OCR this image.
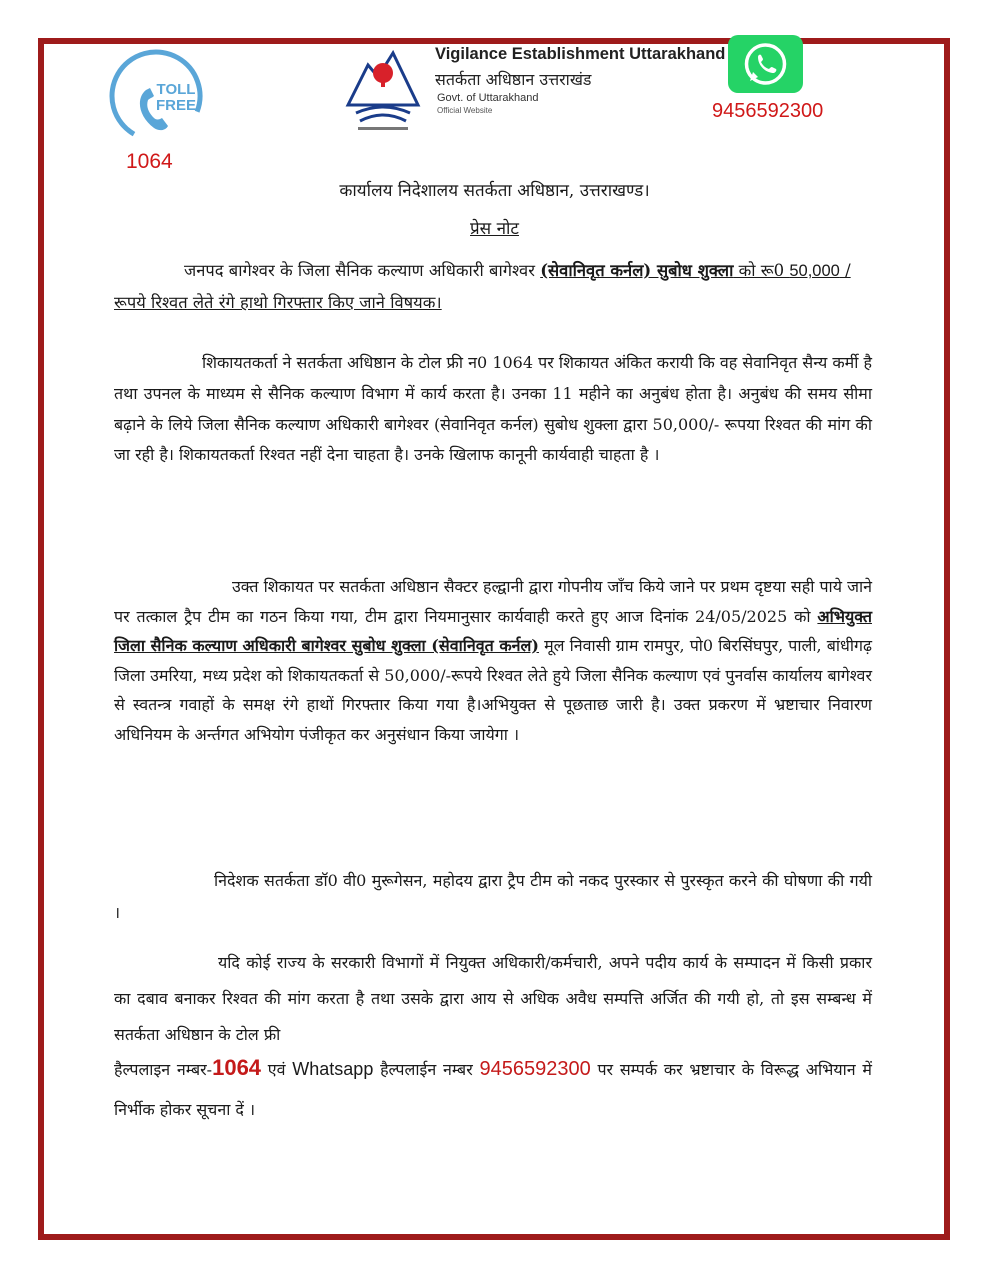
TOLL
FREE
1064
Vigilance Establishment Uttarakhand
सतर्कता अधिष्ठान उत्तराखंड
Govt. of Uttarakhand
Official Website	9456592300
कार्यालय निदेशालय सतर्कता अधिष्ठान, उत्तराखण्ड।
प्रेस नोट
जनपद बागेश्वर के जिला सैनिक कल्याण अधिकारी बागेश्वर (सेवानिवृत कर्नल) सुबोध शुक्ला को रू0 50,000 / रूपये रिश्वत लेते रंगे हाथो गिरफ्तार किए जाने विषयक।
शिकायतकर्ता ने सतर्कता अधिष्ठान के टोल फ्री न0 1064 पर शिकायत अंकित करायी कि वह सेवानिवृत सैन्य कर्मी है तथा उपनल के माध्यम से सैनिक कल्याण विभाग में कार्य करता है। उनका 11 महीने का अनुबंध होता है। अनुबंध की समय सीमा बढ़ाने के लिये जिला सैनिक कल्याण अधिकारी बागेश्वर (सेवानिवृत कर्नल) सुबोध शुक्ला द्वारा 50,000/- रूपया रिश्वत की मांग की जा रही है। शिकायतकर्ता रिश्वत नहीं देना चाहता है। उनके खिलाफ कानूनी कार्यवाही चाहता है ।
उक्त शिकायत पर सतर्कता अधिष्ठान सैक्टर हल्द्वानी द्वारा गोपनीय जाँच किये जाने पर प्रथम दृष्टया सही पाये जाने पर तत्काल ट्रैप टीम का गठन किया गया, टीम द्वारा नियमानुसार कार्यवाही करते हुए आज दिनांक 24/05/2025 को अभियुक्त जिला सैनिक कल्याण अधिकारी बागेश्वर सुबोध शुक्ला (सेवानिवृत कर्नल) मूल निवासी ग्राम रामपुर, पो0 बिरसिंघपुर, पाली, बांधीगढ़ जिला उमरिया, मध्य प्रदेश को शिकायतकर्ता से 50,000/-रूपये रिश्वत लेते हुये जिला सैनिक कल्याण एवं पुनर्वास कार्यालय बागेश्वर से स्वतन्त्र गवाहों के समक्ष रंगे हाथों गिरफ्तार किया गया है।अभियुक्त से पूछताछ जारी है। उक्त प्रकरण में भ्रष्टाचार निवारण अधिनियम के अर्न्तगत अभियोग पंजीकृत कर अनुसंधान किया जायेगा ।
निदेशक सतर्कता डॉ0 वी0 मुरूगेसन, महोदय द्वारा ट्रैप टीम को नकद पुरस्कार से पुरस्कृत करने की घोषणा की गयी ।
यदि कोई राज्य के सरकारी विभागों में नियुक्त अधिकारी/कर्मचारी, अपने पदीय कार्य के सम्पादन में किसी प्रकार का दबाव बनाकर रिश्वत की मांग करता है तथा उसके द्वारा आय से अधिक अवैध सम्पत्ति अर्जित की गयी हो, तो इस सम्बन्ध में सतर्कता अधिष्ठान के टोल फ्री
हैल्पलाइन नम्बर-1064 एवं Whatsapp हैल्पलाईन नम्बर 9456592300 पर सम्पर्क कर भ्रष्टाचार के विरूद्ध अभियान में निर्भीक होकर सूचना दें ।
